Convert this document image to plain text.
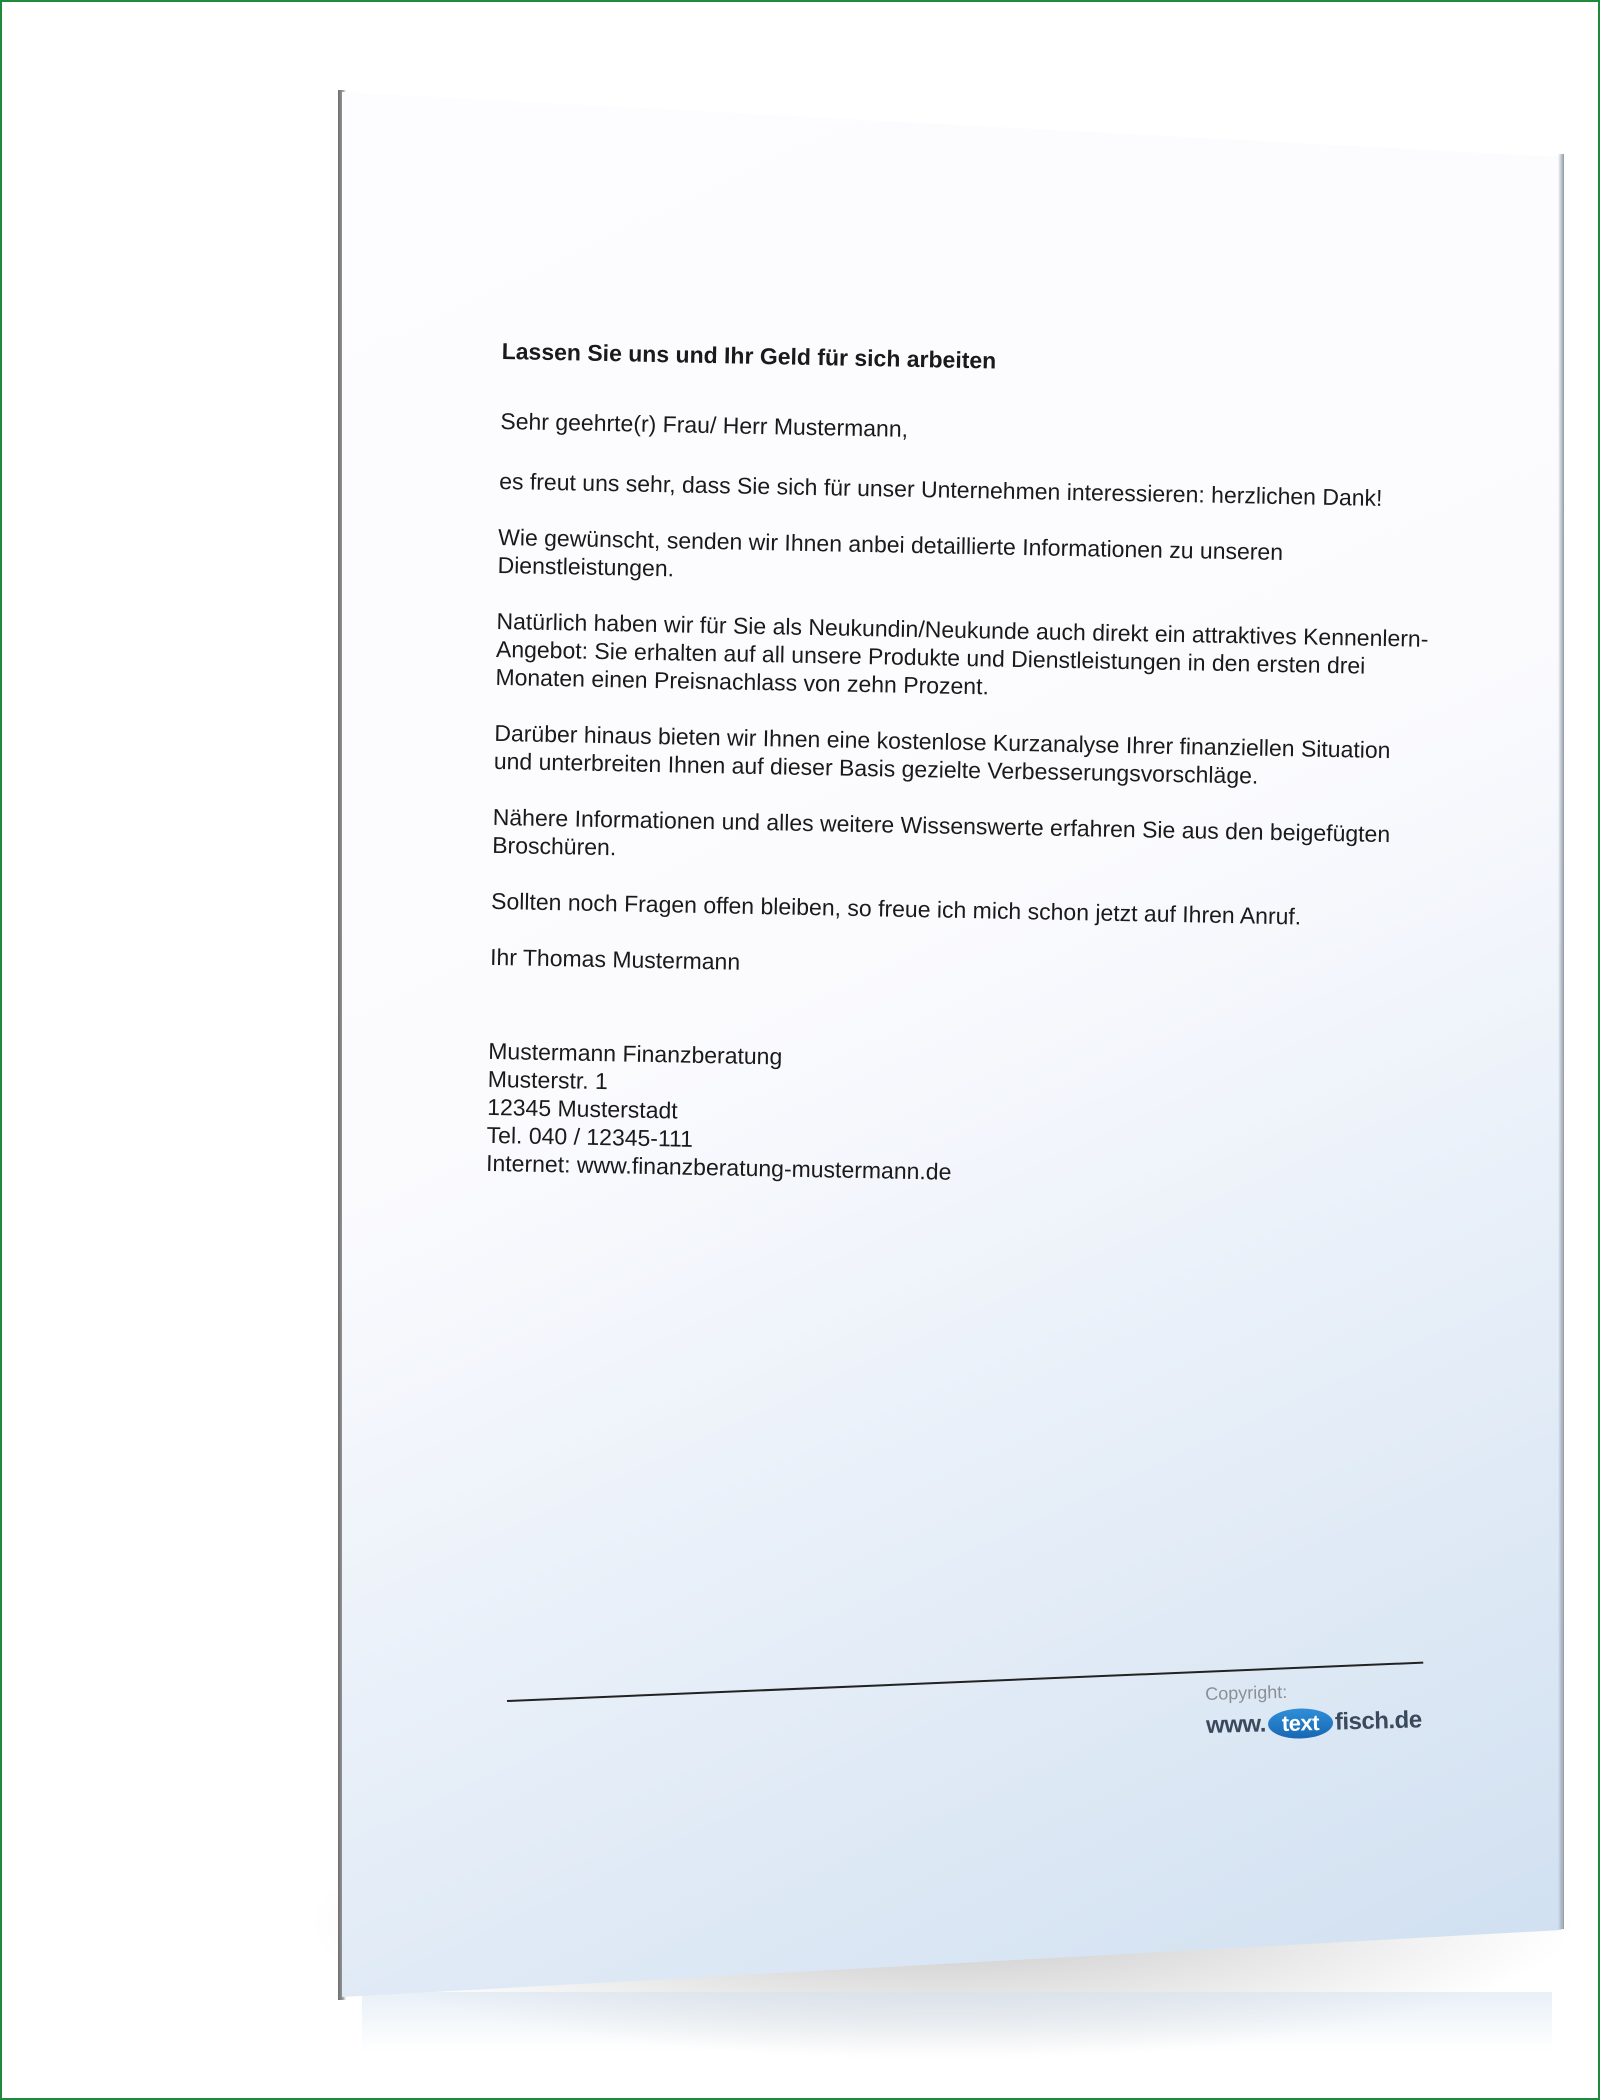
Lassen Sie uns und Ihr Geld für sich arbeiten

Sehr geehrte(r) Frau/ Herr Mustermann,

es freut uns sehr, dass Sie sich für unser Unternehmen interessieren: herzlichen Dank!

Wie gewünscht, senden wir Ihnen anbei detaillierte Informationen zu unseren Dienstleistungen.

Natürlich haben wir für Sie als Neukundin/Neukunde auch direkt ein attraktives Kennenlern-Angebot: Sie erhalten auf all unsere Produkte und Dienstleistungen in den ersten drei Monaten einen Preisnachlass von zehn Prozent.

Darüber hinaus bieten wir Ihnen eine kostenlose Kurzanalyse Ihrer finanziellen Situation und unterbreiten Ihnen auf dieser Basis gezielte Verbesserungsvorschläge.

Nähere Informationen und alles weitere Wissenswerte erfahren Sie aus den beigefügten Broschüren.

Sollten noch Fragen offen bleiben, so freue ich mich schon jetzt auf Ihren Anruf.

Ihr Thomas Mustermann

Mustermann Finanzberatung
Musterstr. 1
12345 Musterstadt
Tel. 040 / 12345-111
Internet: www.finanzberatung-mustermann.de
Copyright:
www. text fisch.de
